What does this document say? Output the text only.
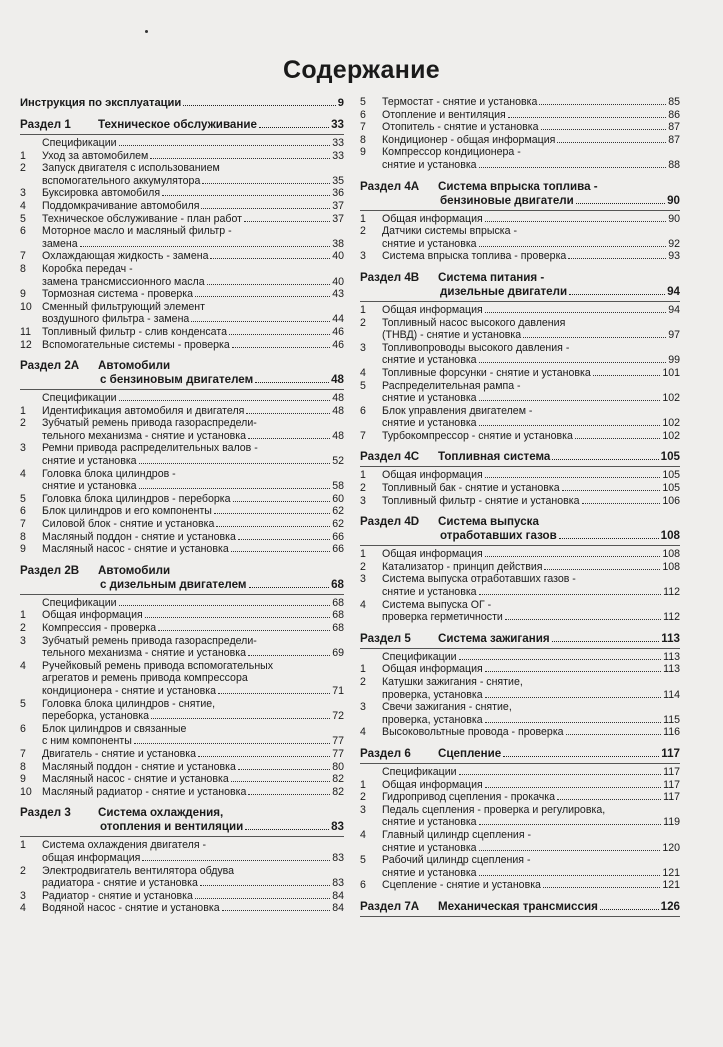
Содержание
Инструкция по эксплуатации	9
Раздел 1	Техническое обслуживание	33
Спецификации	33
1	Уход за автомобилем	33
2	Запуск двигателя с использованием
вспомогательного аккумулятора	35
3	Буксировка автомобиля	36
4	Поддомкрачивание автомобиля	37
5	Техническое обслуживание - план работ	37
6	Моторное масло и масляный фильтр -
замена	38
7	Охлаждающая жидкость - замена	40
8	Коробка передач -
замена трансмиссионного масла	40
9	Тормозная система - проверка	43
10 Сменный фильтрующий элемент
воздушного фильтра - замена	44
11	Топливный фильтр - слив конденсата	46
12 Вспомогательные системы - проверка	46
Раздел 2А Автомобили
с бензиновым двигателем	48
Спецификации	48
1	Идентификация автомобиля и двигателя	48
2	Зубчатый ремень привода газораспредели-
тельного механизма - снятие и установка	48
3	Ремни привода распределительных валов -
снятие и установка	52
4	Головка блока цилиндров -
снятие и установка	58
5	Головка блока цилиндров - переборка	60
6	Блок цилиндров и его компоненты	62
7	Силовой блок - снятие и установка	62
8	Масляный поддон - снятие и установка	66
9	Масляный насос - снятие и установка	66
Раздел 2В Автомобили
с дизельным двигателем	68
Спецификации	68
1	Общая информация	68
2	Компрессия - проверка	68
3	Зубчатый ремень привода газораспредели-
тельного механизма - снятие и установка	69
4	Ручейковый ремень привода вспомогательных
агрегатов и ремень привода компрессора
кондиционера - снятие и установка	71
5	Головка блока цилиндров - снятие,
переборка, установка	72
6	Блок цилиндров и связанные
с ним компоненты	77
7	Двигатель - снятие и установка	77
8	Масляный поддон - снятие и установка	80
9	Масляный насос - снятие и установка	82
10 Масляный радиатор - снятие и установка	82
Раздел 3 Система охлаждения,
отопления и вентиляции	83
1	Система охлаждения двигателя -
общая информация	83
2	Электродвигатель вентилятора обдува
радиатора - снятие и установка	83
3	Радиатор - снятие и установка	84
4	Водяной насос - снятие и установка	84
5	Термостат - снятие и установка	85
6	Отопление и вентиляция	86
7	Отопитель - снятие и установка	87
8	Кондиционер - общая информация	87
9	Компрессор кондиционера -
снятие и установка	88
Раздел 4А Система впрыска топлива -
бензиновые двигатели	90
1	Общая информация	90
2	Датчики системы впрыска -
снятие и установка	92
3	Система впрыска топлива - проверка	93
Раздел 4В Система питания -
дизельные двигатели	94
1	Общая информация	94
2	Топливный насос высокого давления
(ТНВД) - снятие и установка	97
3	Топливопроводы высокого давления -
снятие и установка	99
4	Топливные форсунки - снятие и установка	101
5	Распределительная рампа -
снятие и установка	102
6	Блок управления двигателем -
снятие и установка	102
7	Турбокомпрессор - снятие и установка	102
Раздел 4С	Топливная система	105
1	Общая информация	105
2	Топливный бак - снятие и установка	105
3	Топливный фильтр - снятие и установка	106
Раздел 4D Система выпуска
отработавших газов	108
1	Общая информация	108
2	Катализатор - принцип действия	108
3	Система выпуска отработавших газов -
снятие и установка	112
4	Система выпуска ОГ -
проверка герметичности	112
Раздел 5	Система зажигания	113
Спецификации	113
1	Общая информация	113
2	Катушки зажигания - снятие,
проверка, установка	114
3	Свечи зажигания - снятие,
проверка, установка	115
4	Высоковольтные провода - проверка	116
Раздел 6	Сцепление	117
Спецификации	117
1	Общая информация	117
2	Гидропривод сцепления - прокачка	117
3	Педаль сцепления - проверка и регулировка,
снятие и установка	119
4	Главный цилиндр сцепления -
снятие и установка	120
5	Рабочий цилиндр сцепления -
снятие и установка	121
6	Сцепление - снятие и установка	121
Раздел 7А	Механическая трансмиссия	126
